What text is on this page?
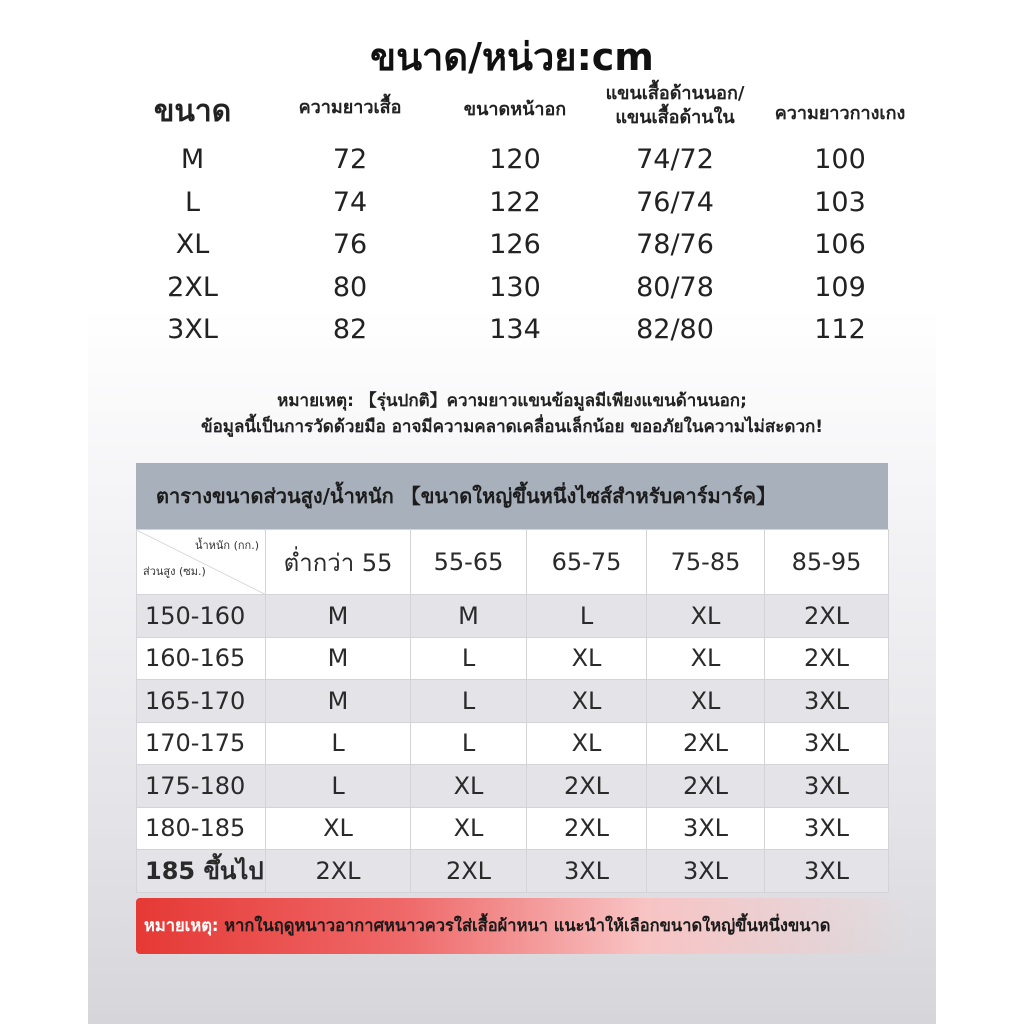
ขนาด/หน่วย:cm
ขนาด	ความยาวเสื้อ	ขนาดหน้าอก
แขนเสื้อด้านนอก/
แขนเสื้อด้านใน	ความยาวกางเกง
M	72	120	74/72	100
L	74	122	76/74	103
XL	76	126	78/76	106
2XL	80	130	80/78	109
3XL	82	134	82/80	112
หมายเหตุ: 【รุ่นปกติ】ความยาวแขนข้อมูลมีเพียงแขนด้านนอก;
ข้อมูลนี้เป็นการวัดด้วยมือ อาจมีความคลาดเคลื่อนเล็กน้อย ขออภัยในความไม่สะดวก!
ตารางขนาดส่วนสูง/น้ำหนัก 【ขนาดใหญ่ขึ้นหนึ่งไซส์สำหรับคาร์มาร์ค】
น้ำหนัก (กก.)
ส่วนสูง (ซม.)	ต่ำกว่า 55	55-65	65-75	75-85	85-95
150-160	M	M	L	XL	2XL
160-165	M	L	XL	XL	2XL
165-170	M	L	XL	XL	3XL
170-175	L	L	XL	2XL	3XL
175-180	L	XL	2XL	2XL	3XL
180-185	XL	XL	2XL	3XL	3XL
185 ขึ้นไป	2XL	2XL	3XL	3XL	3XL
หมายเหตุ: หากในฤดูหนาวอากาศหนาวควรใส่เสื้อผ้าหนา แนะนำให้เลือกขนาดใหญ่ขึ้นหนึ่งขนาด
